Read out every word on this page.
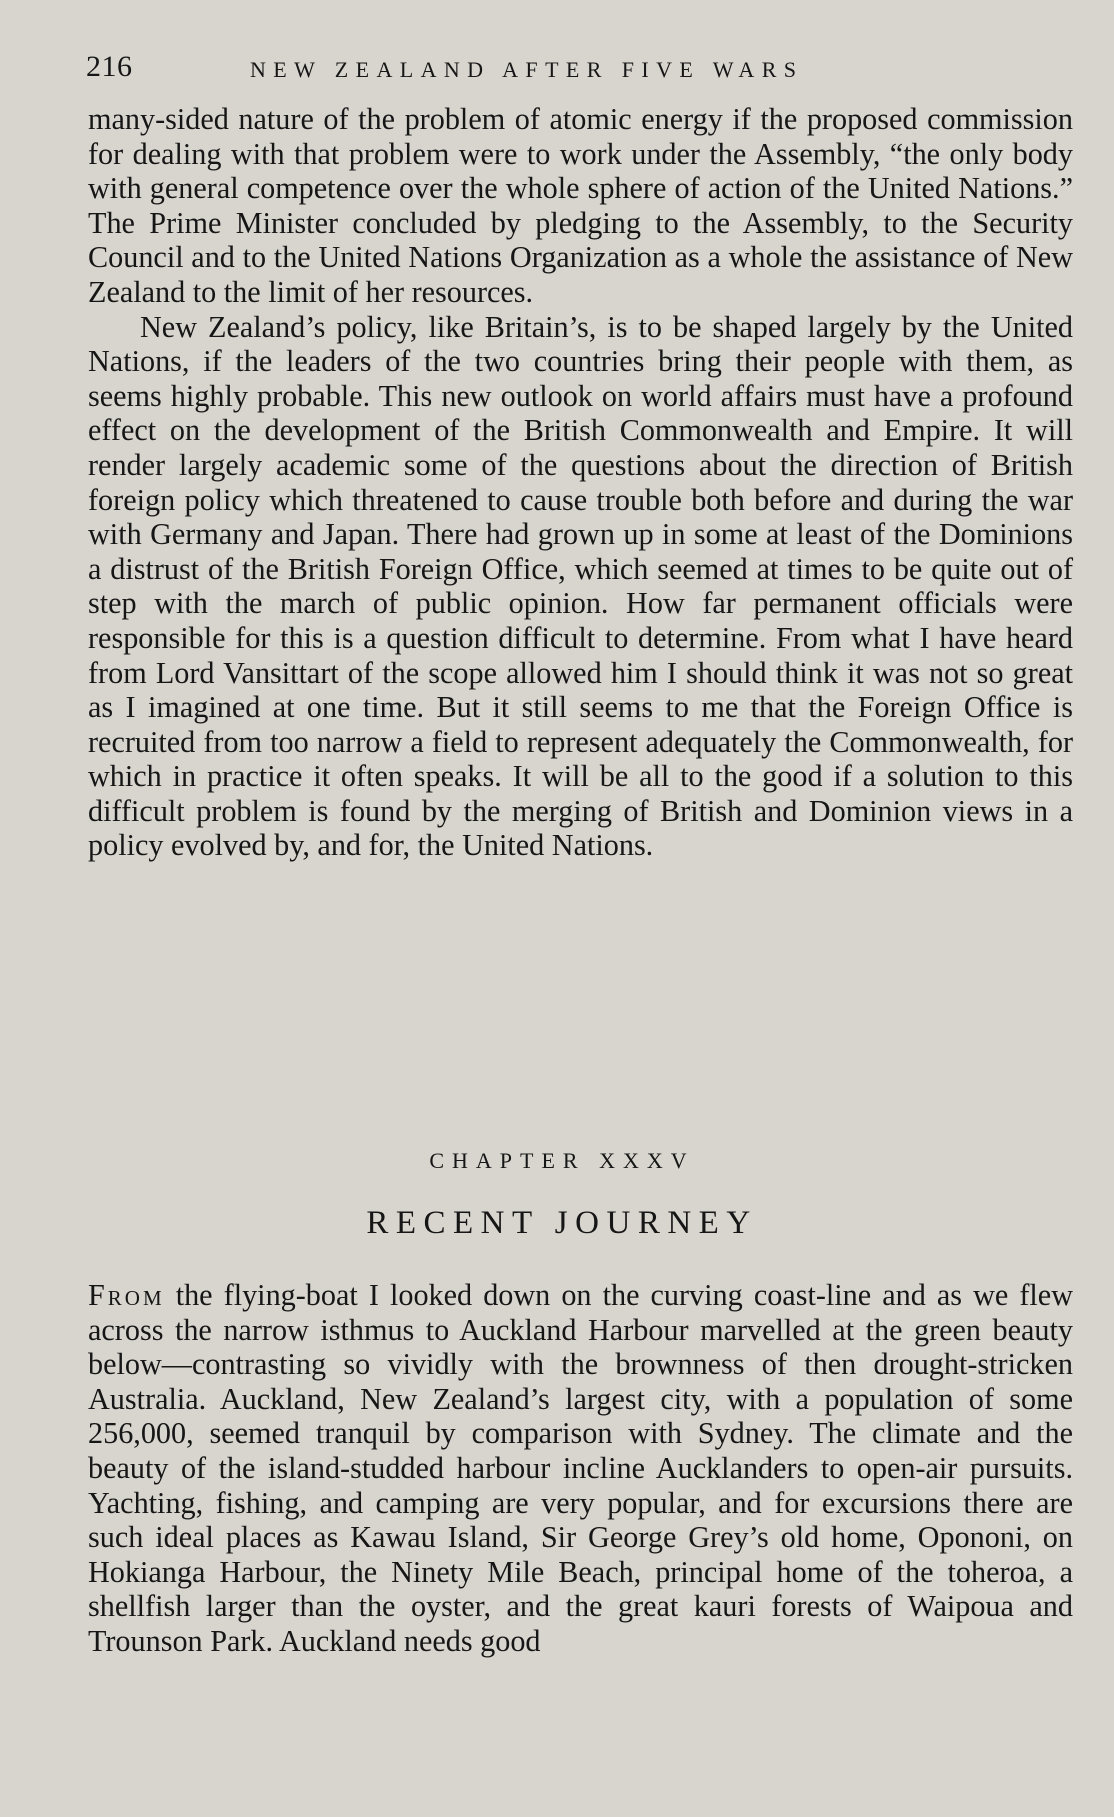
216	NEW ZEALAND AFTER FIVE WARS

many-sided nature of the problem of atomic energy if the proposed commission for dealing with that problem were to work under the Assembly, “the only body with general competence over the whole sphere of action of the United Nations.” The Prime Minister concluded by pledging to the Assembly, to the Security Council and to the United Nations Organization as a whole the assistance of New Zealand to the limit of her resources.

New Zealand’s policy, like Britain’s, is to be shaped largely by the United Nations, if the leaders of the two countries bring their people with them, as seems highly probable. This new outlook on world affairs must have a profound effect on the development of the British Commonwealth and Empire. It will render largely academic some of the questions about the direction of British foreign policy which threatened to cause trouble both before and during the war with Germany and Japan. There had grown up in some at least of the Dominions a distrust of the British Foreign Office, which seemed at times to be quite out of step with the march of public opinion. How far permanent officials were responsible for this is a question difficult to determine. From what I have heard from Lord Vansittart of the scope allowed him I should think it was not so great as I imagined at one time. But it still seems to me that the Foreign Office is recruited from too narrow a field to represent adequately the Commonwealth, for which in practice it often speaks. It will be all to the good if a solution to this difficult problem is found by the merging of British and Dominion views in a policy evolved by, and for, the United Nations.

CHAPTER XXXV
RECENT JOURNEY

From the flying-boat I looked down on the curving coast-line and as we flew across the narrow isthmus to Auckland Harbour marvelled at the green beauty below—contrasting so vividly with the brownness of then drought-stricken Australia. Auckland, New Zealand’s largest city, with a population of some 256,000, seemed tranquil by comparison with Sydney. The climate and the beauty of the island-studded harbour incline Aucklanders to open-air pursuits. Yachting, fishing, and camping are very popular, and for excursions there are such ideal places as Kawau Island, Sir George Grey’s old home, Opononi, on Hokianga Harbour, the Ninety Mile Beach, principal home of the toheroa, a shellfish larger than the oyster, and the great kauri forests of Waipoua and Trounson Park. Auckland needs good
